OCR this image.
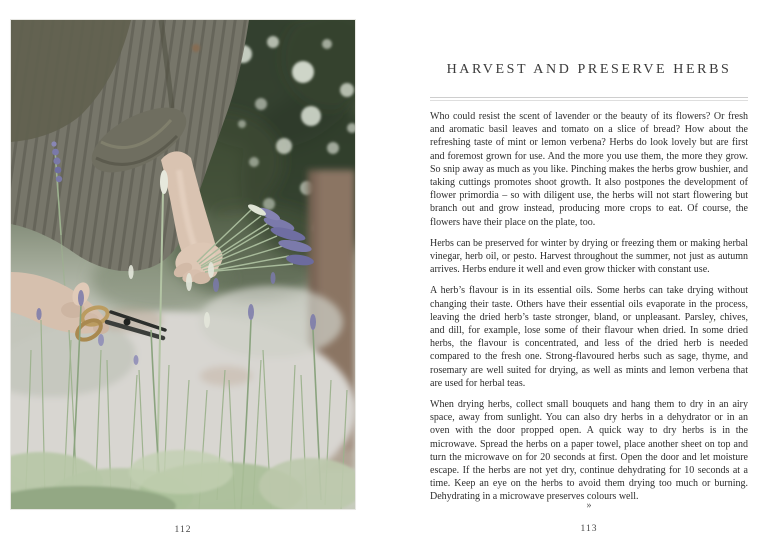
112
HARVEST AND PRESERVE HERBS

Who could resist the scent of lavender or the beauty of its flowers? Or fresh and aromatic basil leaves and tomato on a slice of bread? How about the refreshing taste of mint or lemon verbena? Herbs do look lovely but are first and foremost grown for use. And the more you use them, the more they grow. So snip away as much as you like. Pinching makes the herbs grow bushier, and taking cuttings promotes shoot growth. It also postpones the development of flower primordia – so with diligent use, the herbs will not start flowering but branch out and grow instead, producing more crops to eat. Of course, the flowers have their place on the plate, too.

Herbs can be preserved for winter by drying or freezing them or making herbal vinegar, herb oil, or pesto. Harvest throughout the summer, not just as autumn arrives. Herbs endure it well and even grow thicker with constant use.

A herb’s flavour is in its essential oils. Some herbs can take drying without changing their taste. Others have their essential oils evaporate in the process, leaving the dried herb’s taste stronger, bland, or unpleasant. Parsley, chives, and dill, for example, lose some of their flavour when dried. In some dried herbs, the flavour is concentrated, and less of the dried herb is needed compared to the fresh one. Strong-flavoured herbs such as sage, thyme, and rosemary are well suited for drying, as well as mints and lemon verbena that are used for herbal teas.

When drying herbs, collect small bouquets and hang them to dry in an airy space, away from sunlight. You can also dry herbs in a dehydrator or in an oven with the door propped open. A quick way to dry herbs is in the microwave. Spread the herbs on a paper towel, place another sheet on top and turn the microwave on for 20 seconds at first. Open the door and let moisture escape. If the herbs are not yet dry, continue dehydrating for 10 seconds at a time. Keep an eye on the herbs to avoid them drying too much or burning. Dehydrating in a microwave preserves colours well.

»
113
